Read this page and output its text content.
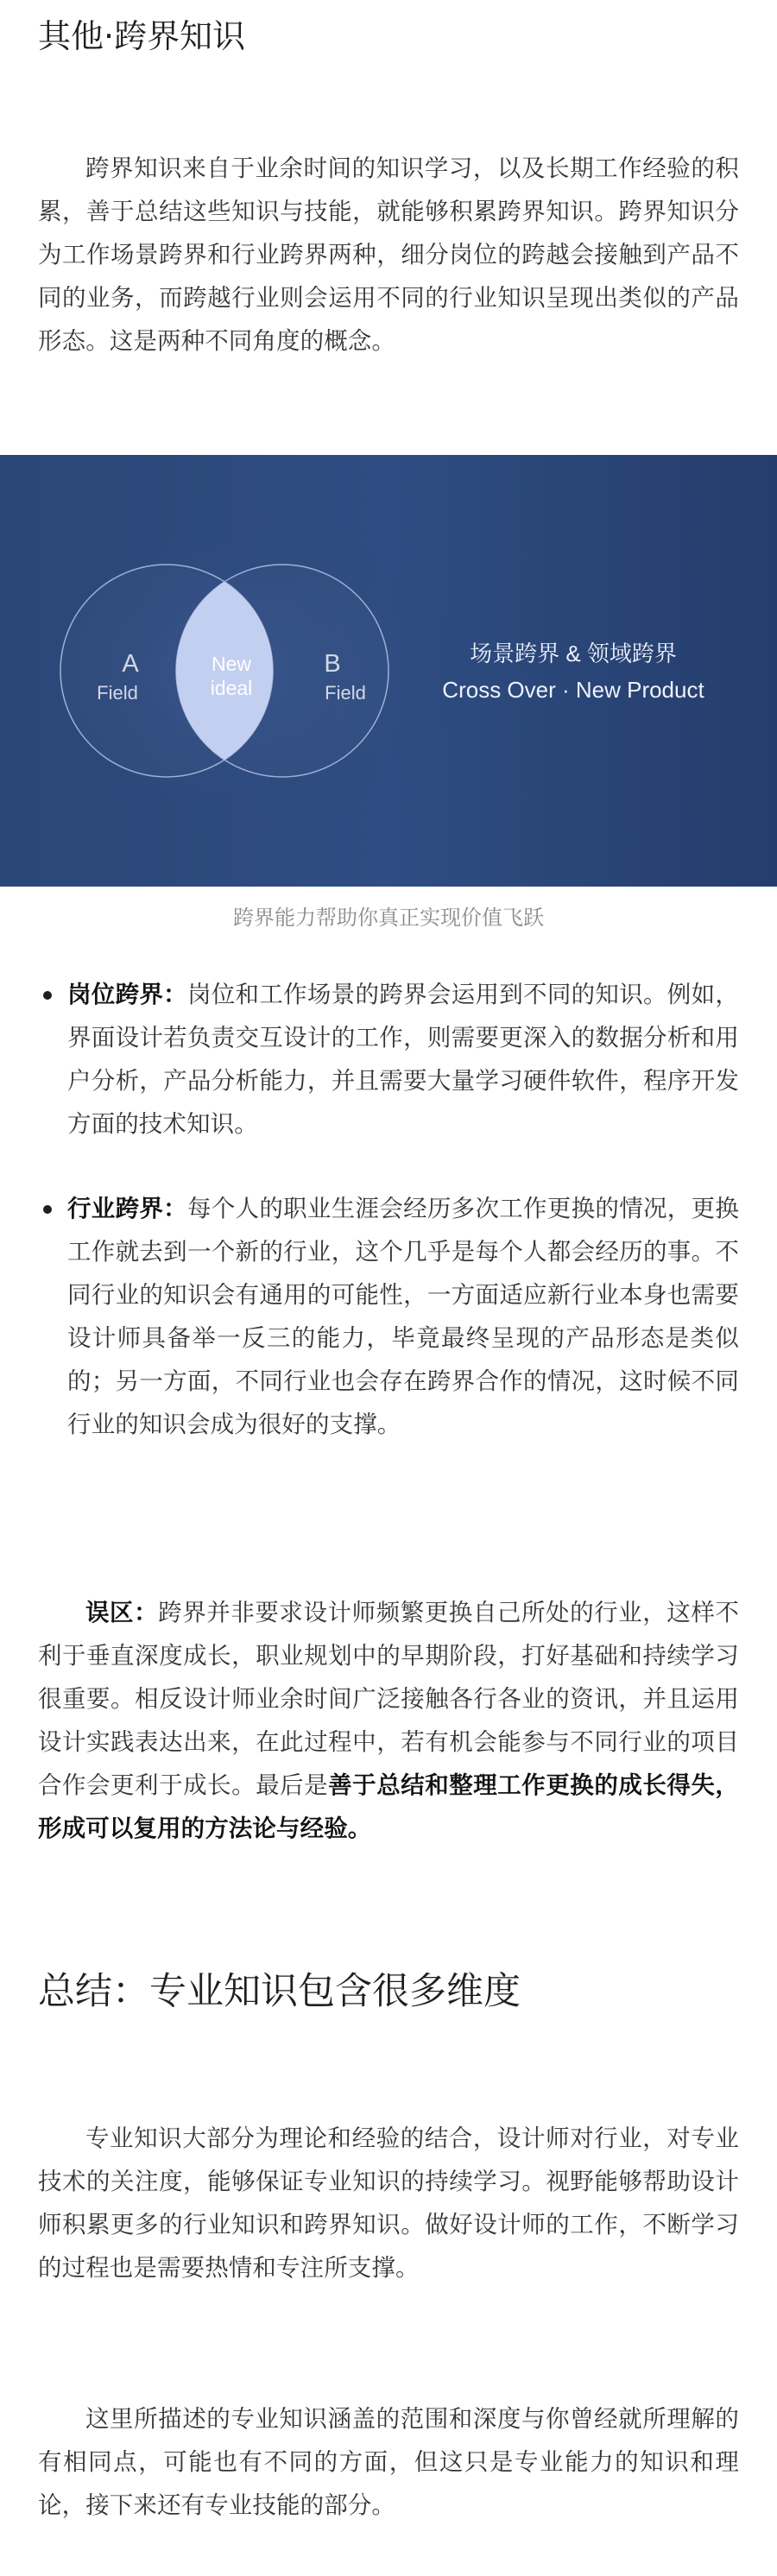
其他·跨界知识

跨界知识来自于业余时间的知识学习，以及长期工作经验的积累，善于总结这些知识与技能，就能够积累跨界知识。跨界知识分为工作场景跨界和行业跨界两种，细分岗位的跨越会接触到产品不同的业务，而跨越行业则会运用不同的行业知识呈现出类似的产品形态。这是两种不同角度的概念。

A
Field
New
ideal
B
Field
场景跨界 & 领域跨界
Cross Over · New Product

跨界能力帮助你真正实现价值飞跃

岗位跨界：岗位和工作场景的跨界会运用到不同的知识。例如，界面设计若负责交互设计的工作，则需要更深入的数据分析和用户分析，产品分析能力，并且需要大量学习硬件软件，程序开发方面的技术知识。
行业跨界：每个人的职业生涯会经历多次工作更换的情况，更换工作就去到一个新的行业，这个几乎是每个人都会经历的事。不同行业的知识会有通用的可能性，一方面适应新行业本身也需要设计师具备举一反三的能力，毕竟最终呈现的产品形态是类似的；另一方面，不同行业也会存在跨界合作的情况，这时候不同行业的知识会成为很好的支撑。

误区：跨界并非要求设计师频繁更换自己所处的行业，这样不利于垂直深度成长，职业规划中的早期阶段，打好基础和持续学习很重要。相反设计师业余时间广泛接触各行各业的资讯，并且运用设计实践表达出来，在此过程中，若有机会能参与不同行业的项目合作会更利于成长。最后是善于总结和整理工作更换的成长得失，形成可以复用的方法论与经验。

总结：专业知识包含很多维度

专业知识大部分为理论和经验的结合，设计师对行业，对专业技术的关注度，能够保证专业知识的持续学习。视野能够帮助设计师积累更多的行业知识和跨界知识。做好设计师的工作，不断学习的过程也是需要热情和专注所支撑。

这里所描述的专业知识涵盖的范围和深度与你曾经就所理解的有相同点，可能也有不同的方面，但这只是专业能力的知识和理论，接下来还有专业技能的部分。
